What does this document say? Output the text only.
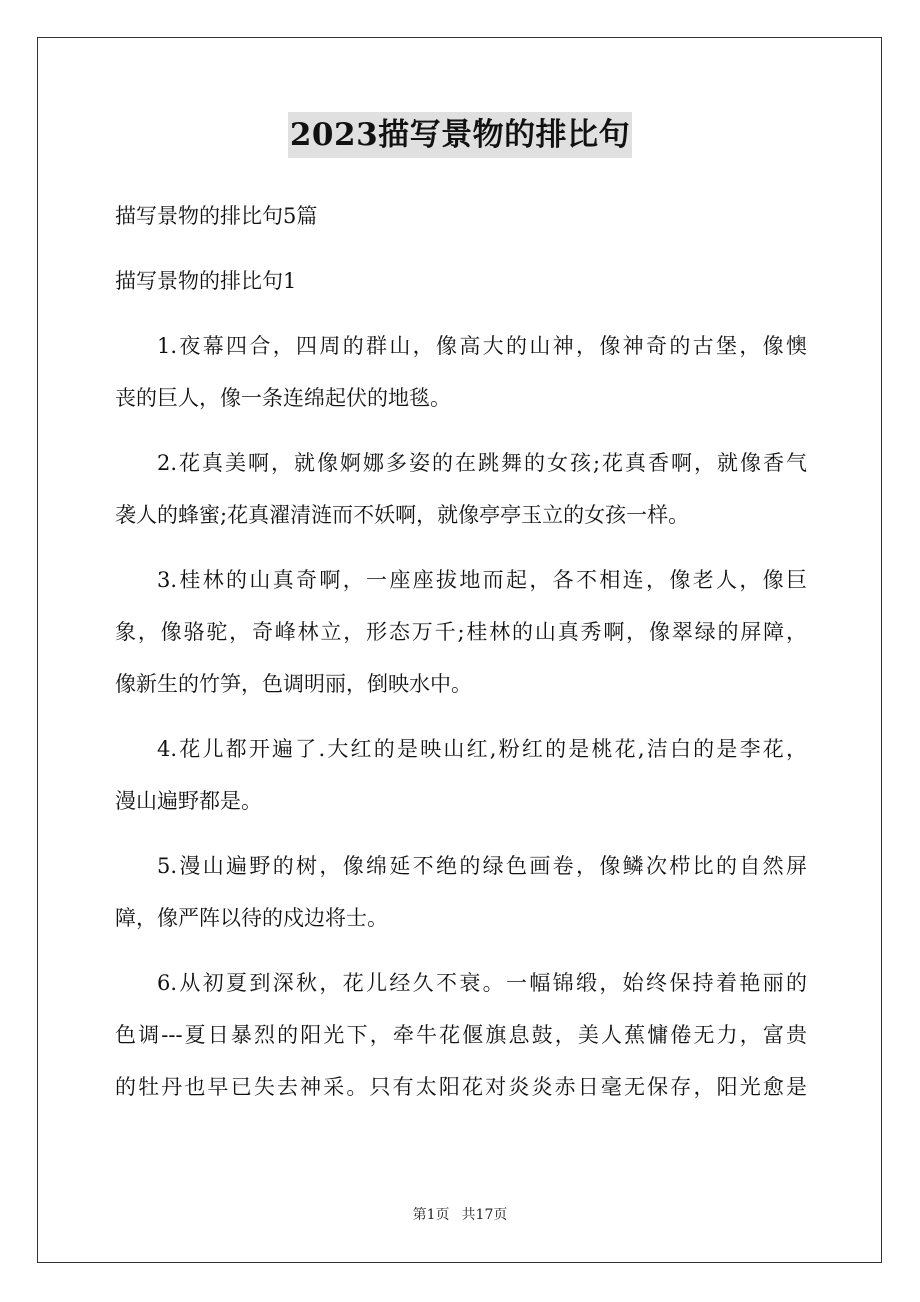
2023描写景物的排比句
描写景物的排比句5篇
描写景物的排比句1
1.夜幕四合，四周的群山，像高大的山神，像神奇的古堡，像懊
丧的巨人，像一条连绵起伏的地毯。
2.花真美啊，就像婀娜多姿的在跳舞的女孩;花真香啊，就像香气
袭人的蜂蜜;花真濯清涟而不妖啊，就像亭亭玉立的女孩一样。
3.桂林的山真奇啊，一座座拔地而起，各不相连，像老人，像巨
象，像骆驼，奇峰林立，形态万千;桂林的山真秀啊，像翠绿的屏障，
像新生的竹笋，色调明丽，倒映水中。
4.花儿都开遍了.大红的是映山红,粉红的是桃花,洁白的是李花，
漫山遍野都是。
5.漫山遍野的树，像绵延不绝的绿色画卷，像鳞次栉比的自然屏
障，像严阵以待的戍边将士。
6.从初夏到深秋，花儿经久不衰。一幅锦缎，始终保持着艳丽的
色调---夏日暴烈的阳光下，牵牛花偃旗息鼓，美人蕉慵倦无力，富贵
的牡丹也早已失去神采。只有太阳花对炎炎赤日毫无保存，阳光愈是
第1页 共17页
